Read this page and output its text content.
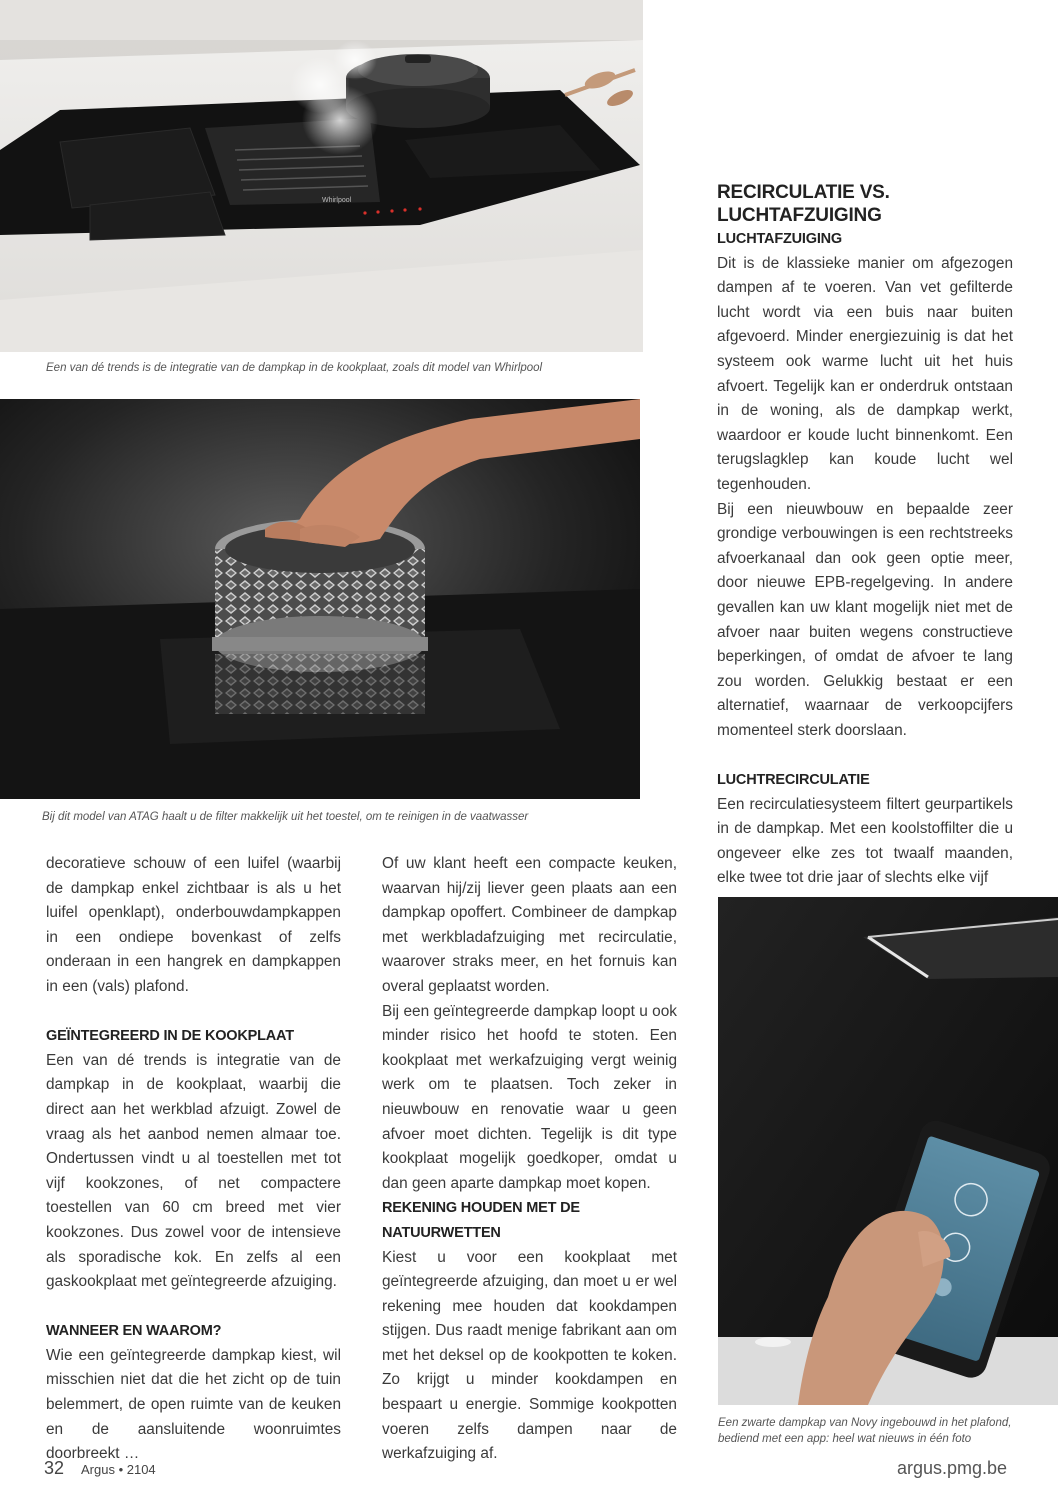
Whirlpool
Een van dé trends is de integratie van de dampkap in de kookplaat, zoals dit model van Whirlpool
Bij dit model van ATAG haalt u de filter makkelijk uit het toestel, om te reinigen in de vaatwasser
Een zwarte dampkap van Novy ingebouwd in het plafond,
bediend met een app: heel wat nieuws in één foto

decoratieve schouw of een luifel (waarbij de dampkap enkel zichtbaar is als u het luifel openklapt), onderbouwdampkappen in een ondiepe bovenkast of zelfs onderaan in een hangrek en dampkappen in een (vals) plafond.

GEÏNTEGREERD IN DE KOOKPLAAT

Een van dé trends is integratie van de dampkap in de kookplaat, waarbij die direct aan het werkblad afzuigt. Zowel de vraag als het aanbod nemen almaar toe. Ondertussen vindt u al toestellen met tot vijf kookzones, of net compactere toestellen van 60 cm breed met vier kookzones. Dus zowel voor de intensieve als sporadische kok. En zelfs al een gaskookplaat met geïntegreerde afzuiging.

WANNEER EN WAAROM?

Wie een geïntegreerde dampkap kiest, wil misschien niet dat die het zicht op de tuin belemmert, de open ruimte van de keuken en de aansluitende woonruimtes doorbreekt …

Of uw klant heeft een compacte keuken, waarvan hij/zij liever geen plaats aan een dampkap opoffert. Combineer de dampkap met werkbladafzuiging met recirculatie, waarover straks meer, en het fornuis kan overal geplaatst worden.

Bij een geïntegreerde dampkap loopt u ook minder risico het hoofd te stoten. Een kookplaat met werkafzuiging vergt weinig werk om te plaatsen. Toch zeker in nieuwbouw en renovatie waar u geen afvoer moet dichten. Tegelijk is dit type kookplaat mogelijk goedkoper, omdat u dan geen aparte dampkap moet kopen.

REKENING HOUDEN MET DE
NATUURWETTEN

Kiest u voor een kookplaat met geïntegreerde afzuiging, dan moet u er wel rekening mee houden dat kookdampen stijgen. Dus raadt menige fabrikant aan om met het deksel op de kookpotten te koken. Zo krijgt u minder kookdampen en bespaart u energie. Sommige kookpotten voeren zelfs dampen naar de werkafzuiging af.

RECIRCULATIE VS.
LUCHTAFZUIGING
LUCHTAFZUIGING

Dit is de klassieke manier om afgezogen dampen af te voeren. Van vet gefilterde lucht wordt via een buis naar buiten afgevoerd. Minder energiezuinig is dat het systeem ook warme lucht uit het huis afvoert. Tegelijk kan er onderdruk ontstaan in de woning, als de dampkap werkt, waardoor er koude lucht binnenkomt. Een terugslagklep kan koude lucht wel tegenhouden.

Bij een nieuwbouw en bepaalde zeer grondige verbouwingen is een rechtstreeks afvoerkanaal dan ook geen optie meer, door nieuwe EPB-regelgeving. In andere gevallen kan uw klant mogelijk niet met de afvoer naar buiten wegens constructieve beperkingen, of omdat de afvoer te lang zou worden. Gelukkig bestaat er een alternatief, waarnaar de verkoopcijfers momenteel sterk doorslaan.

LUCHTRECIRCULATIE

Een recirculatiesysteem filtert geurpartikels in de dampkap. Met een koolstoffilter die u ongeveer elke zes tot twaalf maanden, elke twee tot drie jaar of slechts elke vijf

32 Argus • 2104	argus.pmg.be
